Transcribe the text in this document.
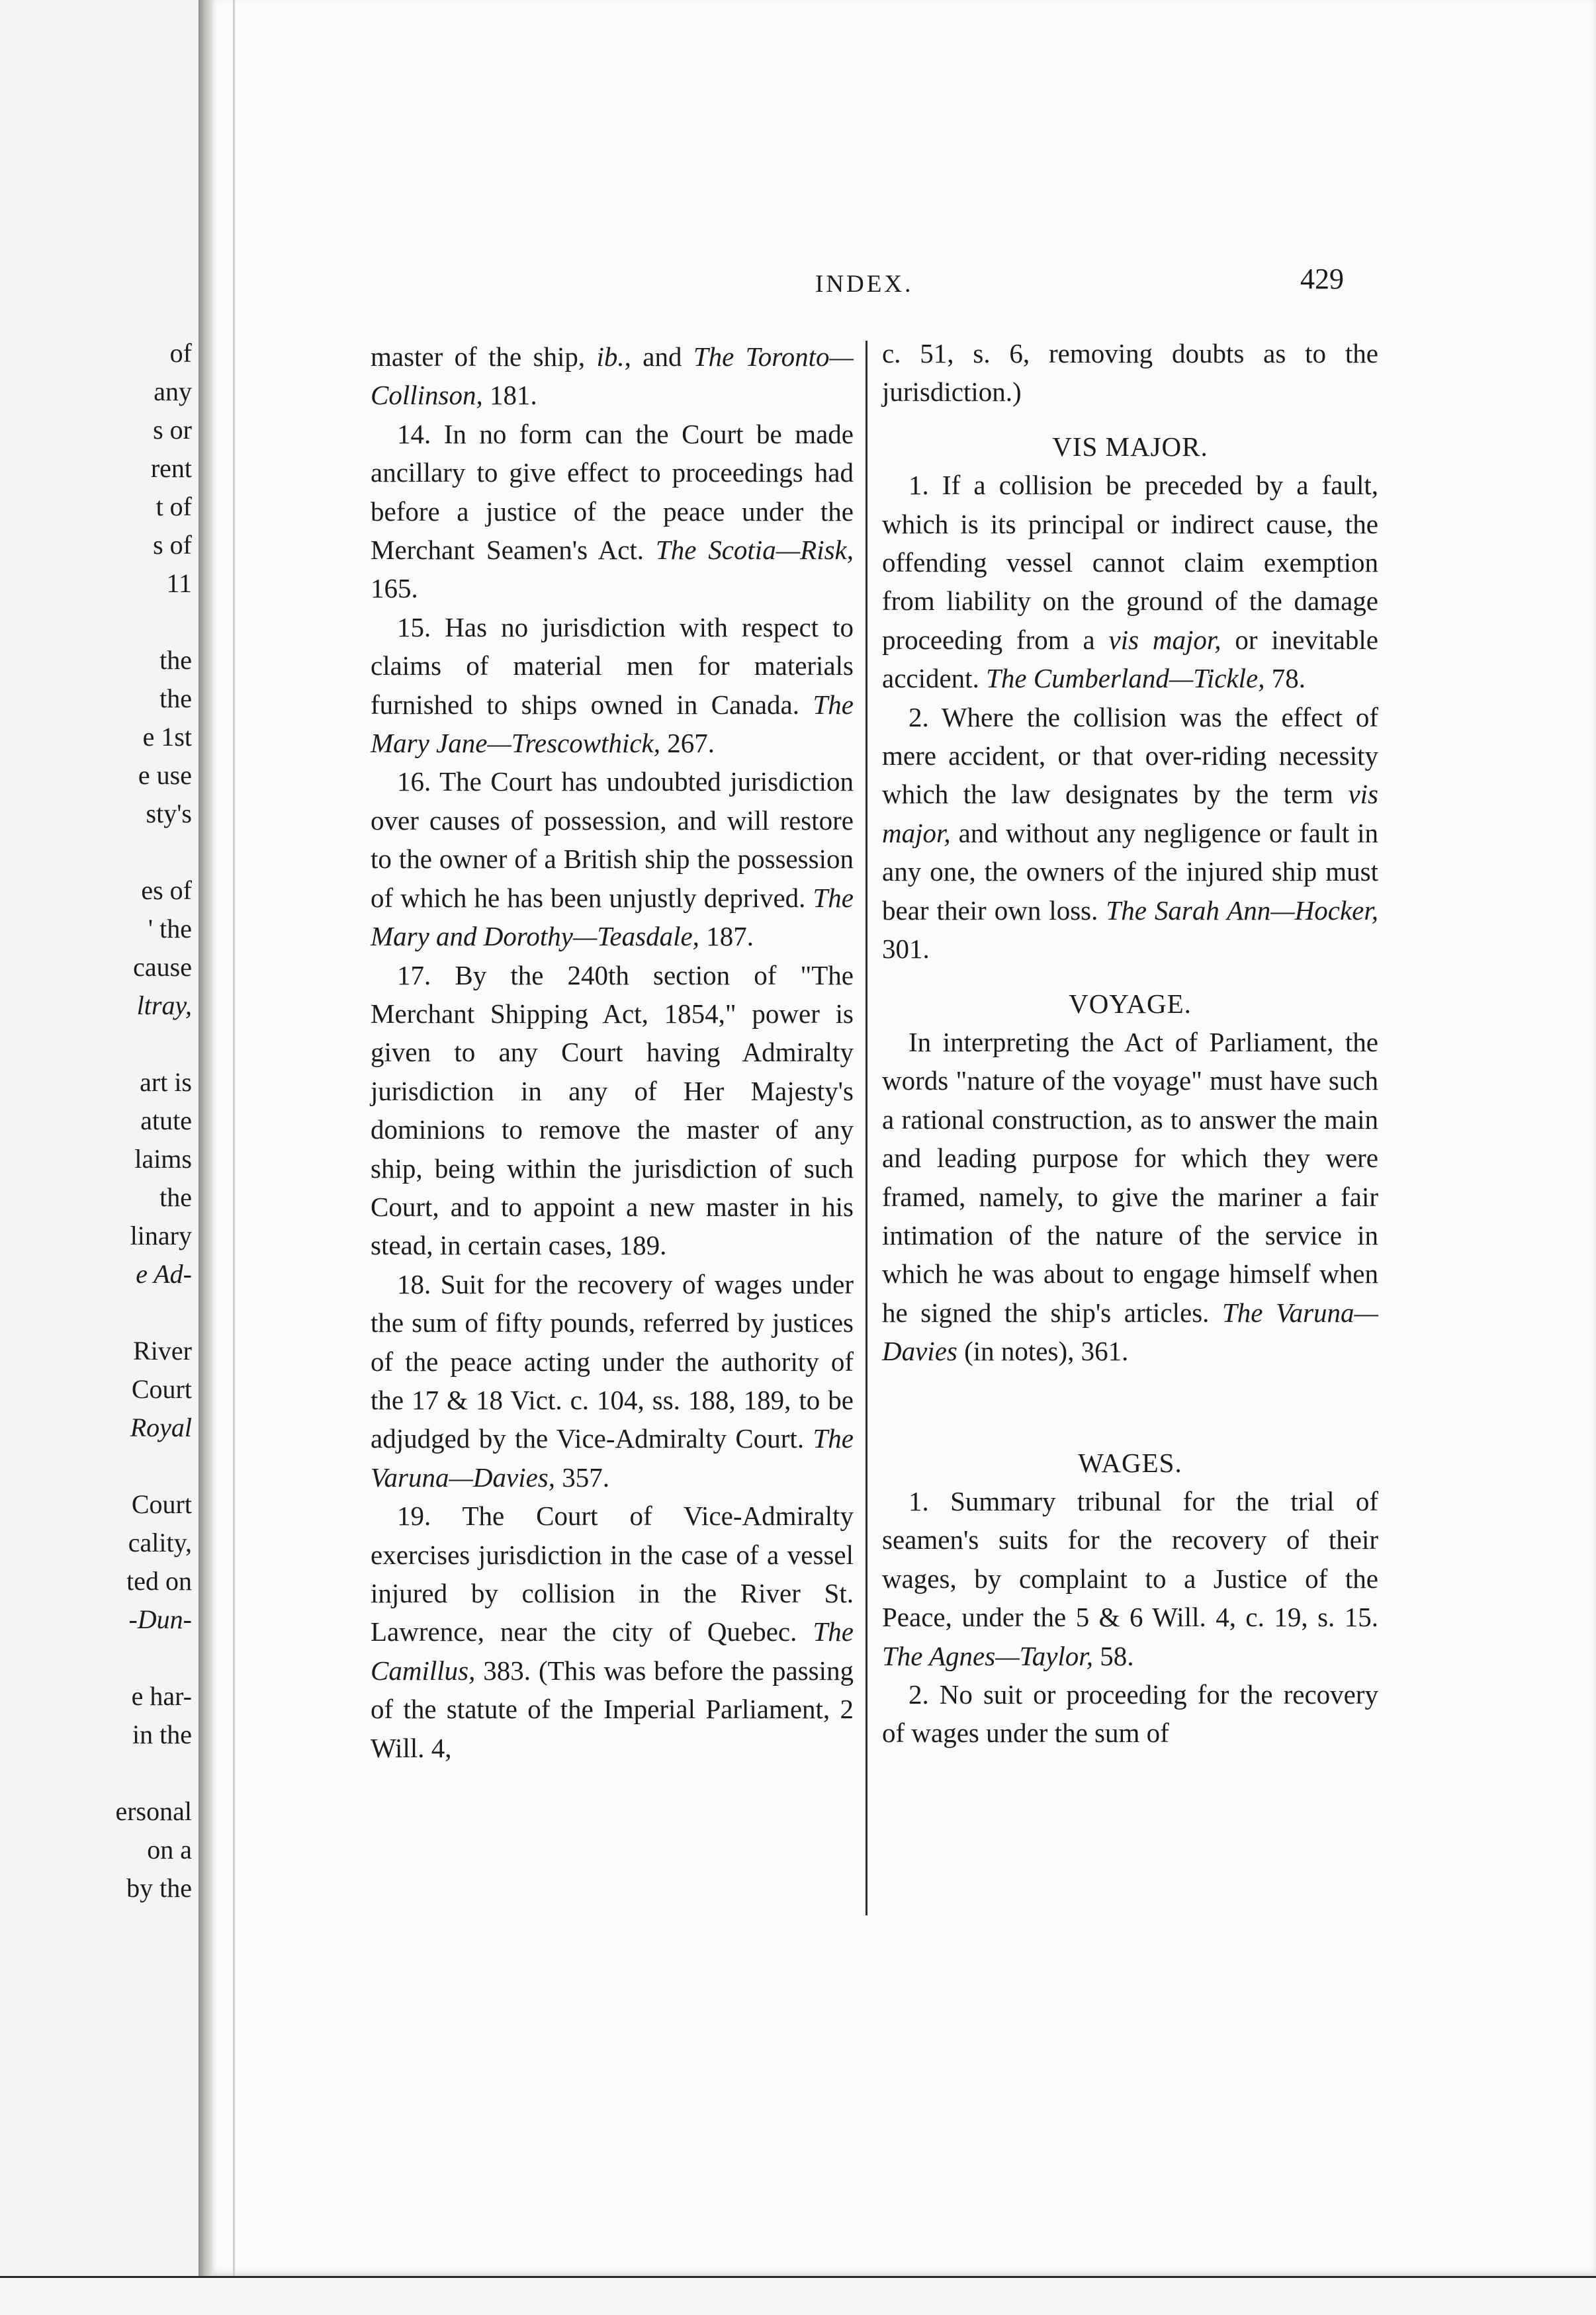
of

any

s or

rent

t of

s of

11

the

the

e 1st

e use

sty's

es of

' the

cause

ltray,

art is

atute

laims

the

linary

e Ad-

River

Court

Royal

Court

cality,

ted on

-Dun-

e har-

in the

ersonal

on a

by the

INDEX.	429

master of the ship, ib., and The Toronto—Collinson, 181.

14. In no form can the Court be made ancillary to give effect to proceedings had before a justice of the peace under the Merchant Seamen's Act. The Scotia—Risk, 165.

15. Has no jurisdiction with respect to claims of material men for materials furnished to ships owned in Canada. The Mary Jane—Trescowthick, 267.

16. The Court has undoubted jurisdiction over causes of possession, and will restore to the owner of a British ship the possession of which he has been unjustly deprived. The Mary and Dorothy—Teasdale, 187.

17. By the 240th section of "The Merchant Shipping Act, 1854," power is given to any Court having Admiralty jurisdiction in any of Her Majesty's dominions to remove the master of any ship, being within the jurisdiction of such Court, and to appoint a new master in his stead, in certain cases, 189.

18. Suit for the recovery of wages under the sum of fifty pounds, referred by justices of the peace acting under the authority of the 17 & 18 Vict. c. 104, ss. 188, 189, to be adjudged by the Vice-Admiralty Court. The Varuna—Davies, 357.

19. The Court of Vice-Admiralty exercises jurisdiction in the case of a vessel injured by collision in the River St. Lawrence, near the city of Quebec. The Camillus, 383. (This was before the passing of the statute of the Imperial Parliament, 2 Will. 4,

c. 51, s. 6, removing doubts as to the jurisdiction.)

VIS MAJOR.

1. If a collision be preceded by a fault, which is its principal or indirect cause, the offending vessel cannot claim exemption from liability on the ground of the damage proceeding from a vis major, or inevitable accident. The Cumberland—Tickle, 78.

2. Where the collision was the effect of mere accident, or that over-riding necessity which the law designates by the term vis major, and without any negligence or fault in any one, the owners of the injured ship must bear their own loss. The Sarah Ann—Hocker, 301.

VOYAGE.

In interpreting the Act of Parliament, the words "nature of the voyage" must have such a rational construction, as to answer the main and leading purpose for which they were framed, namely, to give the mariner a fair intimation of the nature of the service in which he was about to engage himself when he signed the ship's articles. The Varuna—Davies (in notes), 361.

WAGES.

1. Summary tribunal for the trial of seamen's suits for the recovery of their wages, by complaint to a Justice of the Peace, under the 5 & 6 Will. 4, c. 19, s. 15. The Agnes—Taylor, 58.

2. No suit or proceeding for the recovery of wages under the sum of
